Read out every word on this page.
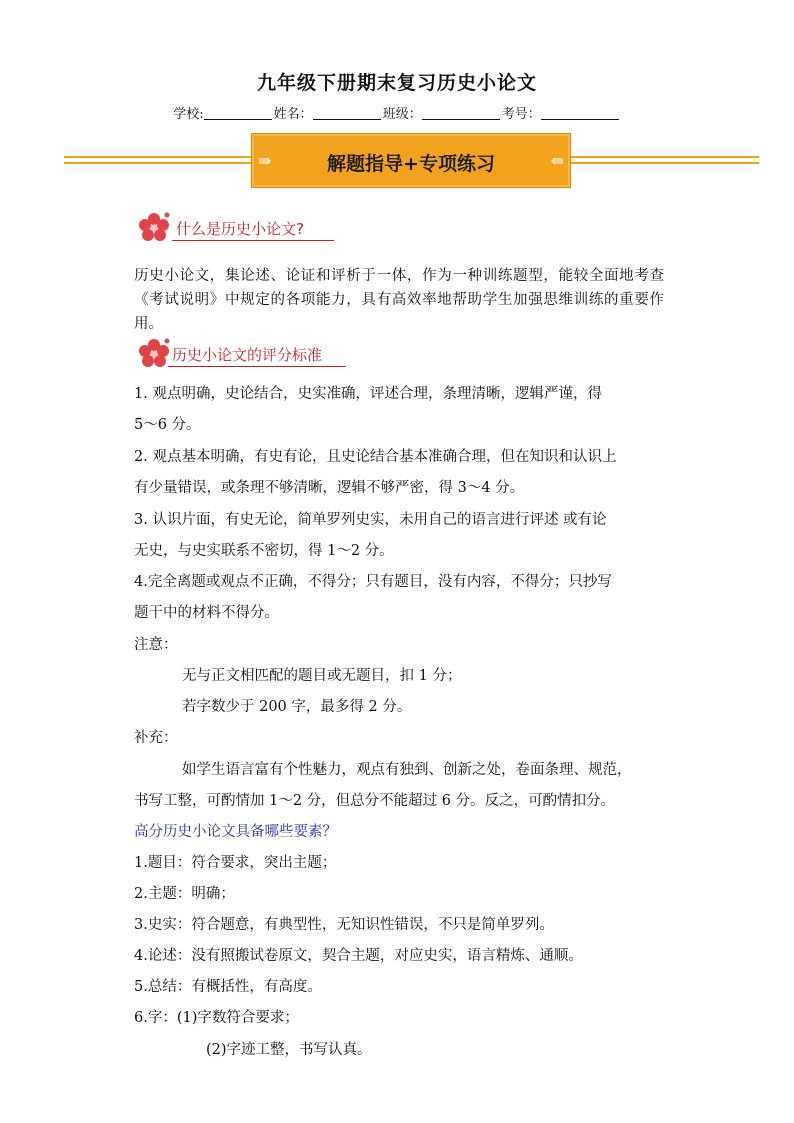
九年级下册期末复习历史小论文
学校:	姓名：	班级：	考号：
⇛	解题指导+专项练习	⇚
什么是历史小论文?
历史小论文，集论述、论证和评析于一体，作为一种训练题型，能较全面地考查《考试说明》中规定的各项能力，具有高效率地帮助学生加强思维训练的重要作用。
历史小论文的评分标准
1. 观点明确，史论结合，史实准确，评述合理，条理清晰，逻辑严谨，得
5～6 分。
2. 观点基本明确，有史有论，且史论结合基本准确合理，但在知识和认识上
有少量错误，或条理不够清晰，逻辑不够严密，得 3～4 分。
3. 认识片面，有史无论，简单罗列史实，未用自己的语言进行评述 或有论
无史，与史实联系不密切，得 1～2 分。
4.完全离题或观点不正确，不得分；只有题目，没有内容，不得分；只抄写
题干中的材料不得分。
注意：
无与正文相匹配的题目或无题目，扣 1 分；
若字数少于 200 字，最多得 2 分。
补充：
如学生语言富有个性魅力，观点有独到、创新之处，卷面条理、规范，
书写工整，可酌情加 1～2 分，但总分不能超过 6 分。反之，可酌情扣分。
高分历史小论文具备哪些要素？
1.题目：符合要求，突出主题；
2.主题：明确；
3.史实：符合题意，有典型性，无知识性错误，不只是简单罗列。
4.论述：没有照搬试卷原文，契合主题，对应史实，语言精炼、通顺。
5.总结：有概括性，有高度。
6.字：(1)字数符合要求；
(2)字迹工整，书写认真。
